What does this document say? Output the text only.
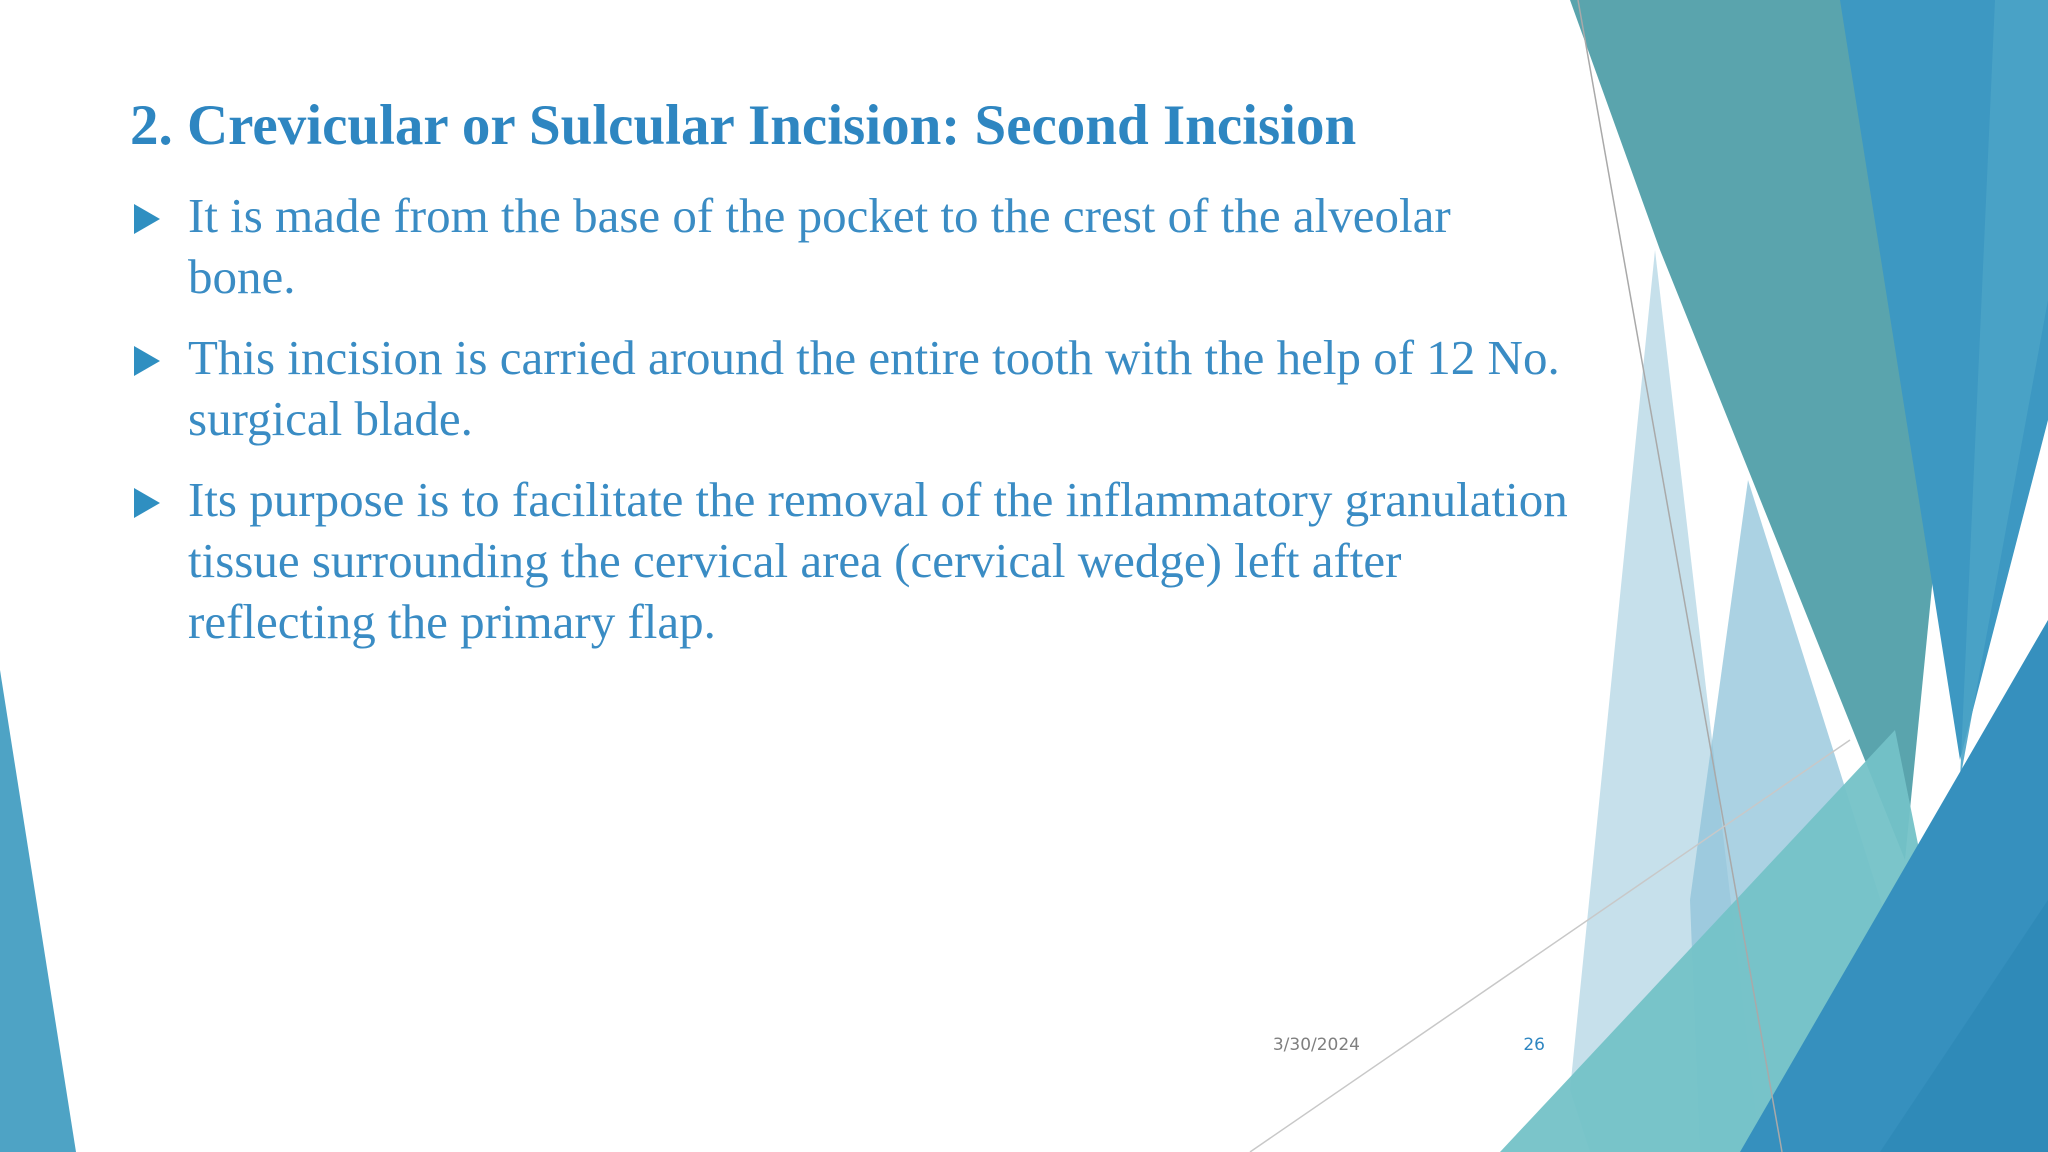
2. Crevicular or Sulcular Incision: Second Incision
It is made from the base of the pocket to the crest of the alveolar bone.
This incision is carried around the entire tooth with the help of 12 No. surgical blade.
Its purpose is to facilitate the removal of the inflammatory granulation tissue surrounding the cervical area (cervical wedge) left after reflecting the primary flap.
3/30/2024	26
